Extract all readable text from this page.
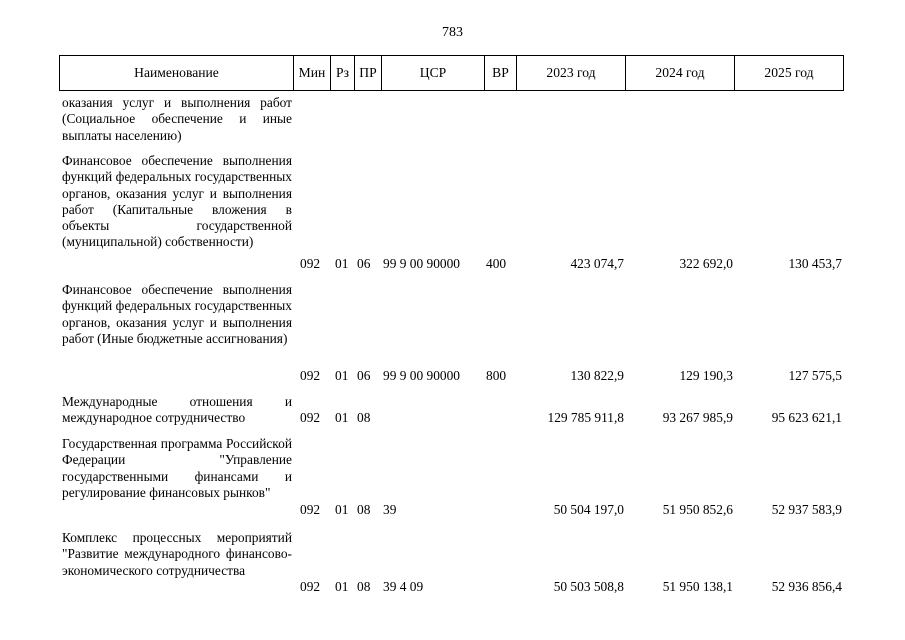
783
Наименование	Мин Рз ПР	ЦСР	ВР	2023 год	2024 год	2025 год
оказания услуг и выполнения работ (Социальное обеспечение и иные выплаты населению)
Финансовое обеспечение выполнения функций федеральных государственных органов, оказания услуг и выполнения работ (Капитальные вложения в объекты государственной (муниципальной) собственности)
092 01 06 99 9 00 90000 400	423 074,7	322 692,0	130 453,7
Финансовое обеспечение выполнения функций федеральных государственных органов, оказания услуг и выполнения работ (Иные бюджетные ассигнования)
092 01 06 99 9 00 90000 800	130 822,9	129 190,3	127 575,5
Международные отношения и международное сотрудничество	092 01 08	129 785 911,8	93 267 985,9	95 623 621,1
Государственная программа Российской Федерации "Управление государственными финансами и регулирование финансовых рынков"
092 01 08 39	50 504 197,0	51 950 852,6	52 937 583,9
Комплекс процессных мероприятий "Развитие международного финансово-экономического сотрудничества
092 01 08 39 4 09	50 503 508,8	51 950 138,1	52 936 856,4
